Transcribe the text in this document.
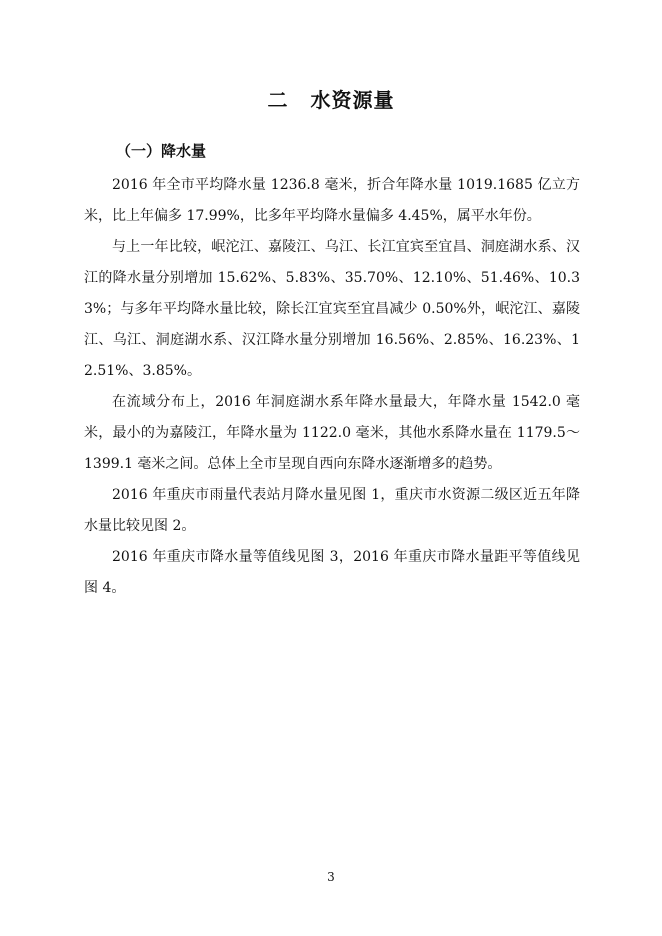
二 水资源量
（一）降水量

2016 年全市平均降水量 1236.8 毫米，折合年降水量 1019.1685 亿立方米，比上年偏多 17.99%，比多年平均降水量偏多 4.45%，属平水年份。

与上一年比较，岷沱江、嘉陵江、乌江、长江宜宾至宜昌、洞庭湖水系、汉江的降水量分别增加 15.62%、5.83%、35.70%、12.10%、51.46%、10.33%；与多年平均降水量比较，除长江宜宾至宜昌减少 0.50%外，岷沱江、嘉陵江、乌江、洞庭湖水系、汉江降水量分别增加 16.56%、2.85%、16.23%、12.51%、3.85%。

在流域分布上，2016 年洞庭湖水系年降水量最大，年降水量 1542.0 毫米，最小的为嘉陵江，年降水量为 1122.0 毫米，其他水系降水量在 1179.5～1399.1 毫米之间。总体上全市呈现自西向东降水逐渐增多的趋势。

2016 年重庆市雨量代表站月降水量见图 1，重庆市水资源二级区近五年降水量比较见图 2。

2016 年重庆市降水量等值线见图 3，2016 年重庆市降水量距平等值线见图 4。

3
